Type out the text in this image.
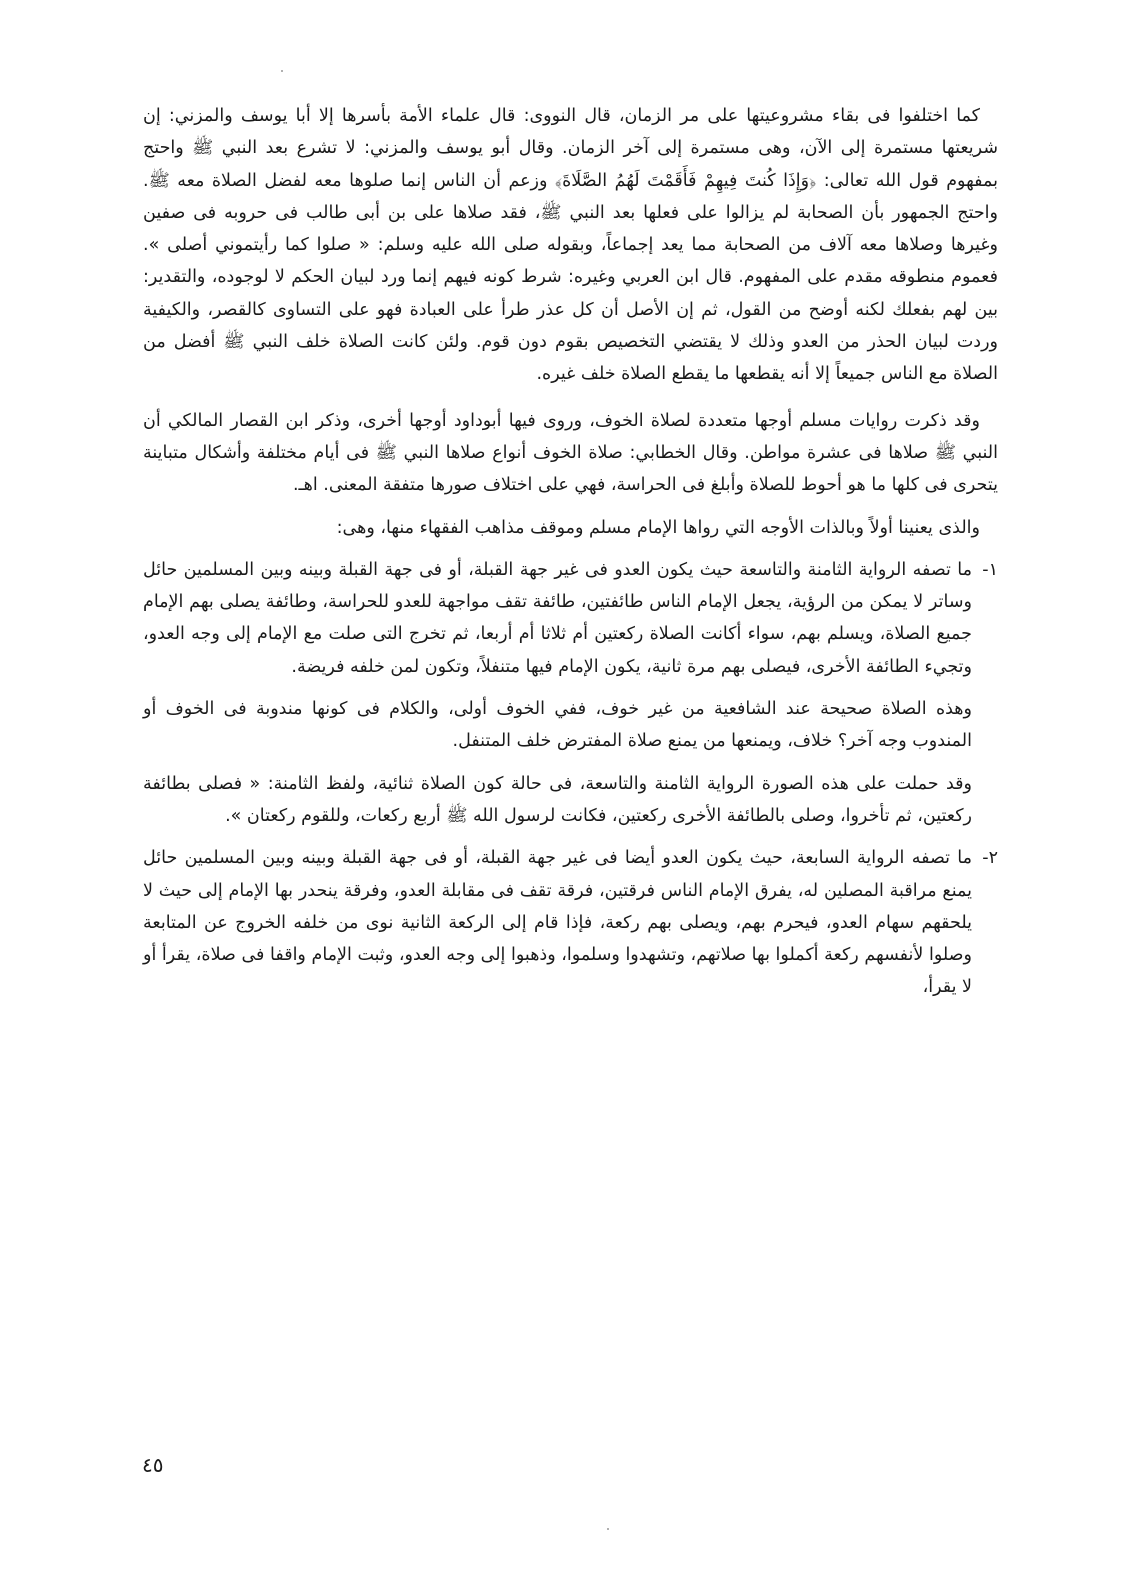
كما اختلفوا فى بقاء مشروعيتها على مر الزمان، قال النووى: قال علماء الأمة بأسرها إلا أبا يوسف والمزني: إن شريعتها مستمرة إلى الآن، وهى مستمرة إلى آخر الزمان. وقال أبو يوسف والمزني: لا تشرع بعد النبي ﷺ واحتج بمفهوم قول الله تعالى: ﴿وَإِذَا كُنتَ فِيهِمْ فَأَقَمْتَ لَهُمُ الصَّلَاةَ﴾ وزعم أن الناس إنما صلوها معه لفضل الصلاة معه ﷺ. واحتج الجمهور بأن الصحابة لم يزالوا على فعلها بعد النبي ﷺ، فقد صلاها على بن أبى طالب فى حروبه فى صفين وغيرها وصلاها معه آلاف من الصحابة مما يعد إجماعاً، وبقوله صلى الله عليه وسلم: « صلوا كما رأيتموني أصلى ». فعموم منطوقه مقدم على المفهوم. قال ابن العربي وغيره: شرط كونه فيهم إنما ورد لبيان الحكم لا لوجوده، والتقدير: بين لهم بفعلك لكنه أوضح من القول، ثم إن الأصل أن كل عذر طرأ على العبادة فهو على التساوى كالقصر، والكيفية وردت لبيان الحذر من العدو وذلك لا يقتضي التخصيص بقوم دون قوم. ولئن كانت الصلاة خلف النبي ﷺ أفضل من الصلاة مع الناس جميعاً إلا أنه يقطعها ما يقطع الصلاة خلف غيره.

وقد ذكرت روايات مسلم أوجها متعددة لصلاة الخوف، وروى فيها أبوداود أوجها أخرى، وذكر ابن القصار المالكي أن النبي ﷺ صلاها فى عشرة مواطن. وقال الخطابي: صلاة الخوف أنواع صلاها النبي ﷺ فى أيام مختلفة وأشكال متباينة يتحرى فى كلها ما هو أحوط للصلاة وأبلغ فى الحراسة، فهي على اختلاف صورها متفقة المعنى. اهـ.

والذى يعنينا أولاً وبالذات الأوجه التي رواها الإمام مسلم وموقف مذاهب الفقهاء منها، وهى:

١-

ما تصفه الرواية الثامنة والتاسعة حيث يكون العدو فى غير جهة القبلة، أو فى جهة القبلة وبينه وبين المسلمين حائل وساتر لا يمكن من الرؤية، يجعل الإمام الناس طائفتين، طائفة تقف مواجهة للعدو للحراسة، وطائفة يصلى بهم الإمام جميع الصلاة، ويسلم بهم، سواء أكانت الصلاة ركعتين أم ثلاثا أم أربعا، ثم تخرج التى صلت مع الإمام إلى وجه العدو، وتجيء الطائفة الأخرى، فيصلى بهم مرة ثانية، يكون الإمام فيها متنفلاً، وتكون لمن خلفه فريضة.

وهذه الصلاة صحيحة عند الشافعية من غير خوف، ففي الخوف أولى، والكلام فى كونها مندوبة فى الخوف أو المندوب وجه آخر؟ خلاف، ويمنعها من يمنع صلاة المفترض خلف المتنفل.

وقد حملت على هذه الصورة الرواية الثامنة والتاسعة، فى حالة كون الصلاة ثنائية، ولفظ الثامنة: « فصلى بطائفة ركعتين، ثم تأخروا، وصلى بالطائفة الأخرى ركعتين، فكانت لرسول الله ﷺ أربع ركعات، وللقوم ركعتان ».

٢-

ما تصفه الرواية السابعة، حيث يكون العدو أيضا فى غير جهة القبلة، أو فى جهة القبلة وبينه وبين المسلمين حائل يمنع مراقبة المصلين له، يفرق الإمام الناس فرقتين، فرقة تقف فى مقابلة العدو، وفرقة ينحدر بها الإمام إلى حيث لا يلحقهم سهام العدو، فيحرم بهم، ويصلى بهم ركعة، فإذا قام إلى الركعة الثانية نوى من خلفه الخروج عن المتابعة وصلوا لأنفسهم ركعة أكملوا بها صلاتهم، وتشهدوا وسلموا، وذهبوا إلى وجه العدو، وثبت الإمام واقفا فى صلاة، يقرأ أو لا يقرأ،

٤٥
